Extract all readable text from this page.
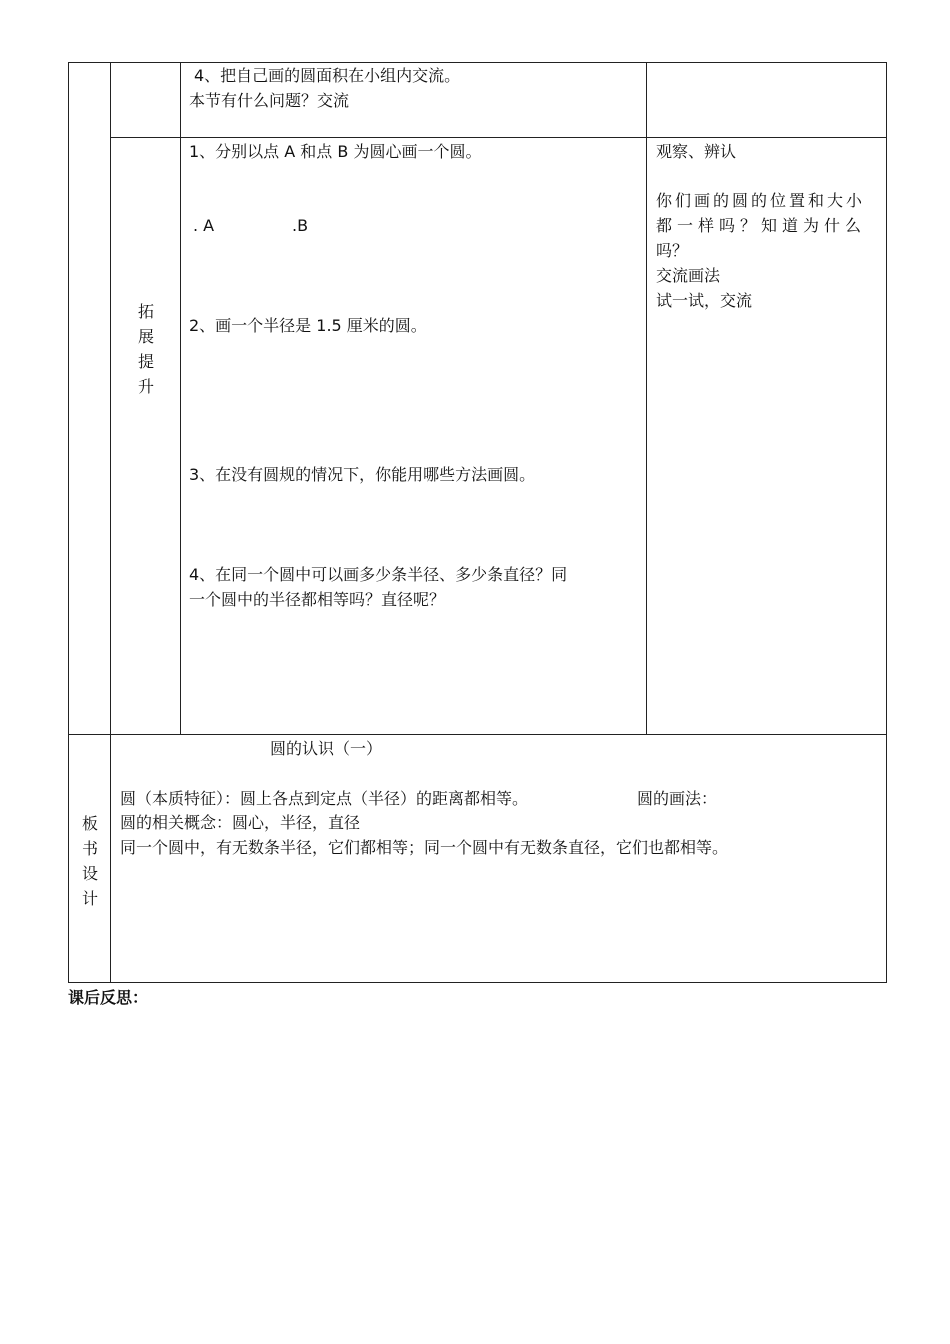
4、把自己画的圆面积在小组内交流。
本节有什么问题？交流
拓
展
提
升
1、分别以点 A 和点 B 为圆心画一个圆。
. A	.B
2、画一个半径是 1.5 厘米的圆。
3、在没有圆规的情况下，你能用哪些方法画圆。
4、在同一个圆中可以画多少条半径、多少条直径？同
一个圆中的半径都相等吗？直径呢？
观察、辨认
你们画的圆的位置和大小
都一样吗？知道为什么
吗？
交流画法
试一试，交流
板
书
设
计
圆的认识（一）
圆（本质特征）：圆上各点到定点（半径）的距离都相等。	圆的画法：
圆的相关概念：圆心，半径，直径
同一个圆中，有无数条半径，它们都相等；同一个圆中有无数条直径，它们也都相等。
课后反思：
